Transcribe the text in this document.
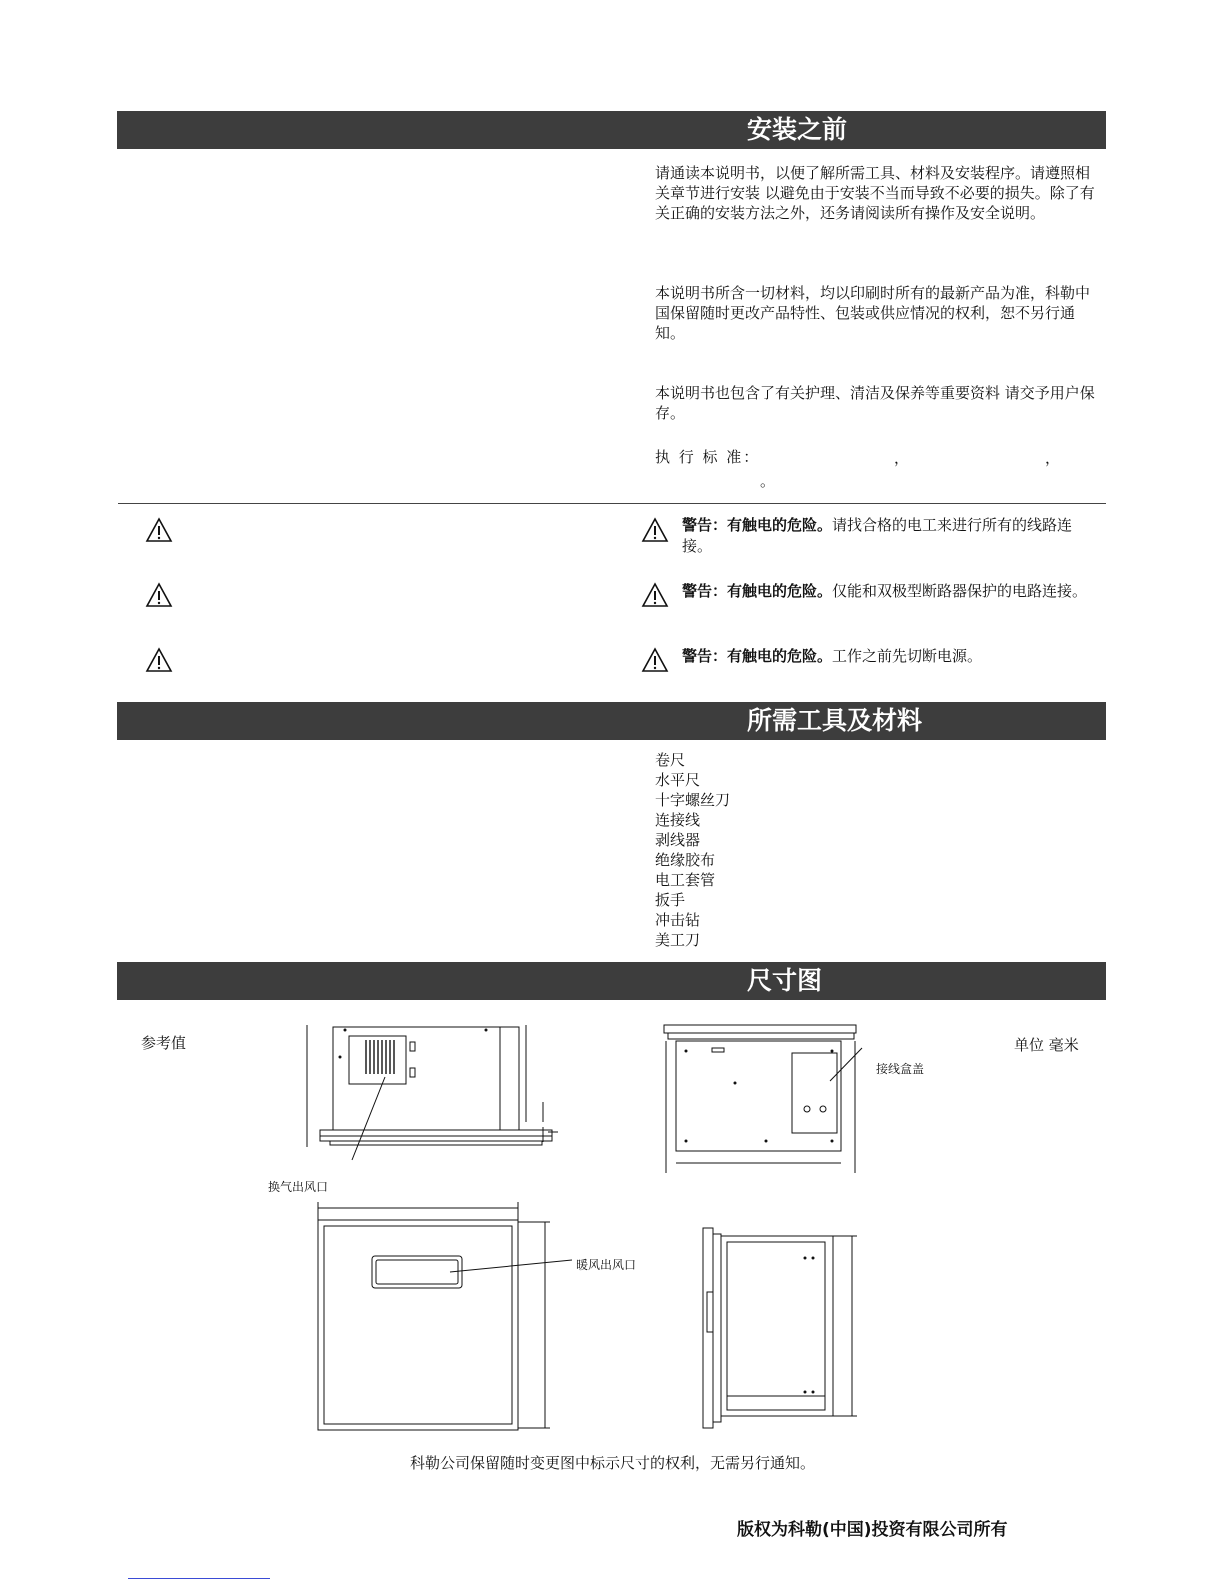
安装之前
请通读本说明书，以便了解所需工具、材料及安装程序。请遵照相关章节进行安装 以避免由于安装不当而导致不必要的损失。除了有关正确的安装方法之外，还务请阅读所有操作及安全说明。
本说明书所含一切材料，均以印刷时所有的最新产品为准，科勒中国保留随时更改产品特性、包装或供应情况的权利，恕不另行通知。
本说明书也包含了有关护理、清洁及保养等重要资料 请交予用户保存。
执 行 标 准：	，	，
。
警告：有触电的危险。请找合格的电工来进行所有的线路连接。
警告：有触电的危险。仅能和双极型断路器保护的电路连接。
警告：有触电的危险。工作之前先切断电源。
所需工具及材料
卷尺
水平尺
十字螺丝刀
连接线
剥线器
绝缘胶布
电工套管
扳手
冲击钻
美工刀
尺寸图
参考值	单位 毫米
换气出风口
接线盒盖
暖风出风口
科勒公司保留随时变更图中标示尺寸的权利，无需另行通知。
版权为科勒(中国)投资有限公司所有
